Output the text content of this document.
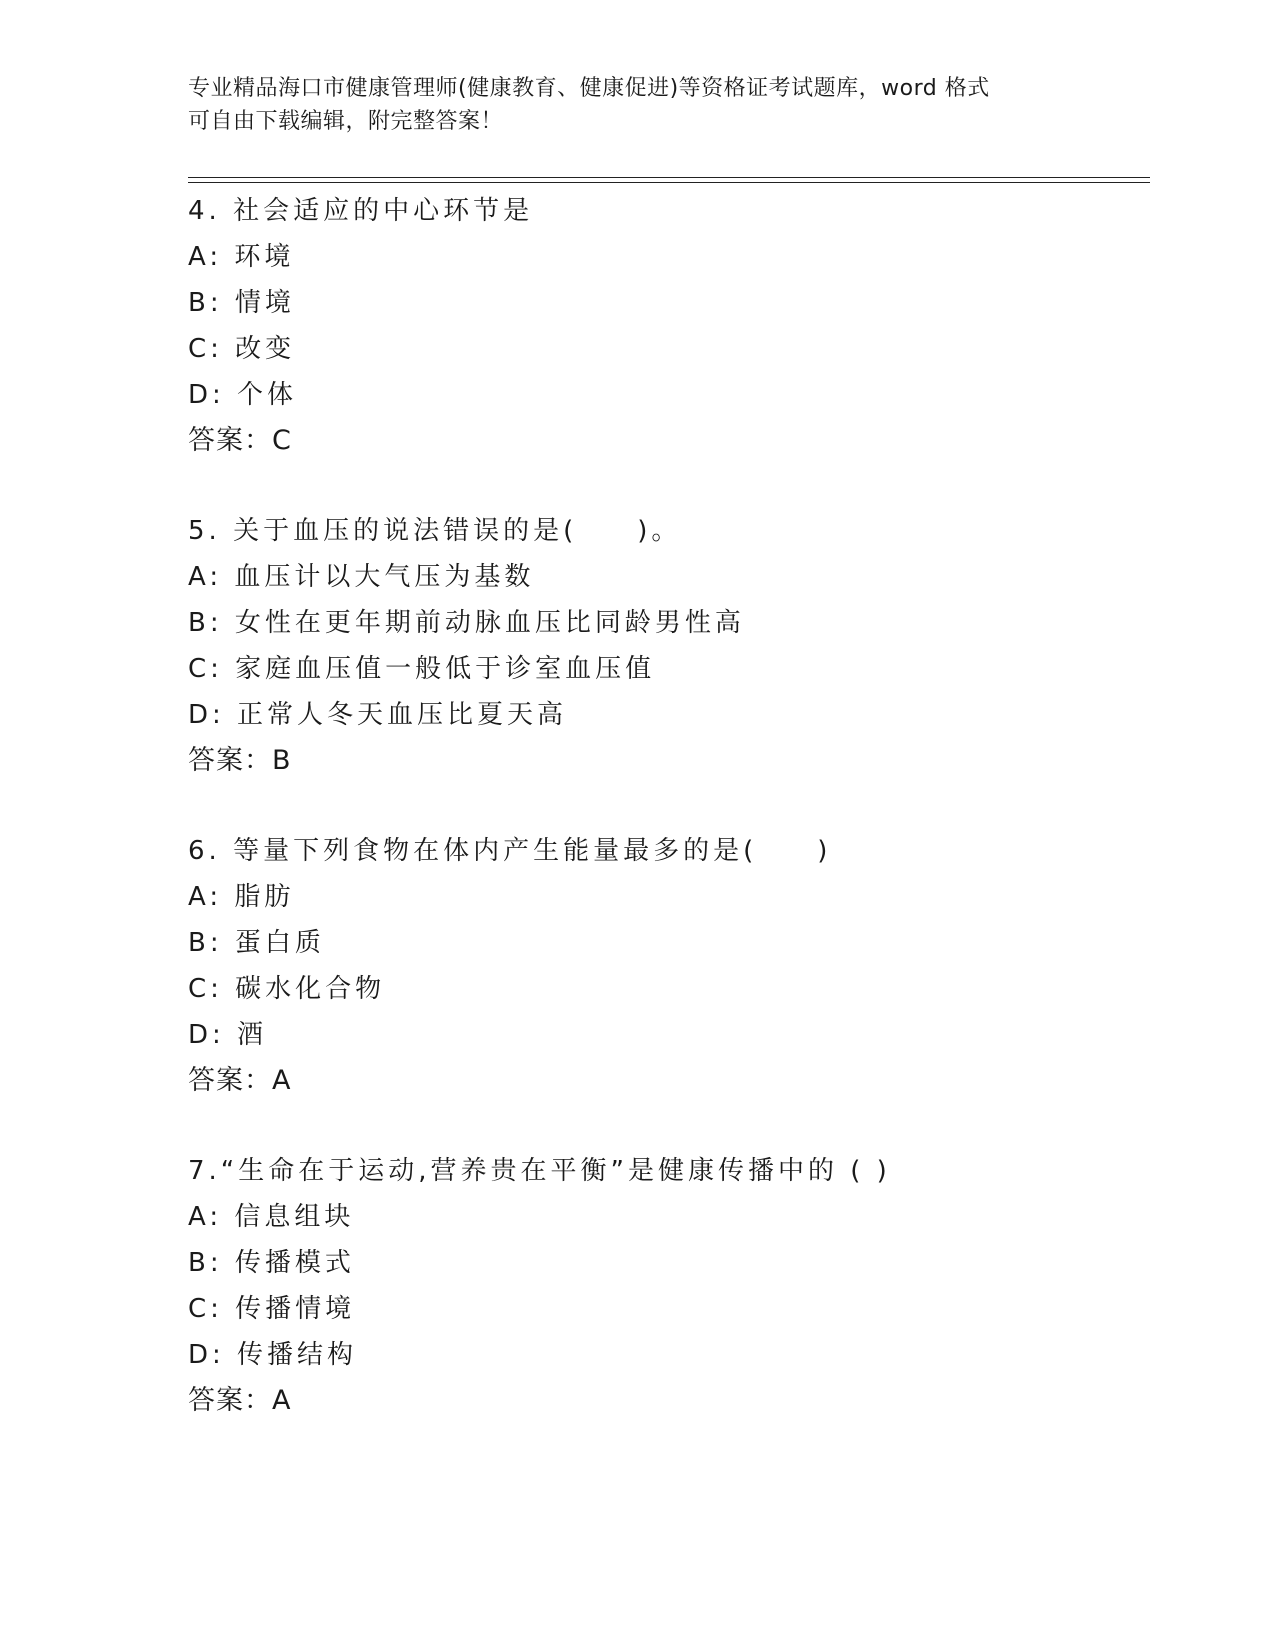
专业精品海口市健康管理师(健康教育、健康促进)等资格证考试题库，word 格式
可自由下载编辑，附完整答案！
4. 社会适应的中心环节是
A: 环境
B: 情境
C: 改变
D: 个体
答案：C
5. 关于血压的说法错误的是(　　)。
A: 血压计以大气压为基数
B: 女性在更年期前动脉血压比同龄男性高
C: 家庭血压值一般低于诊室血压值
D: 正常人冬天血压比夏天高
答案：B
6. 等量下列食物在体内产生能量最多的是(　　)
A: 脂肪
B: 蛋白质
C: 碳水化合物
D: 酒
答案：A
7.“生命在于运动,营养贵在平衡”是健康传播中的 ( )
A: 信息组块
B: 传播模式
C: 传播情境
D: 传播结构
答案：A
